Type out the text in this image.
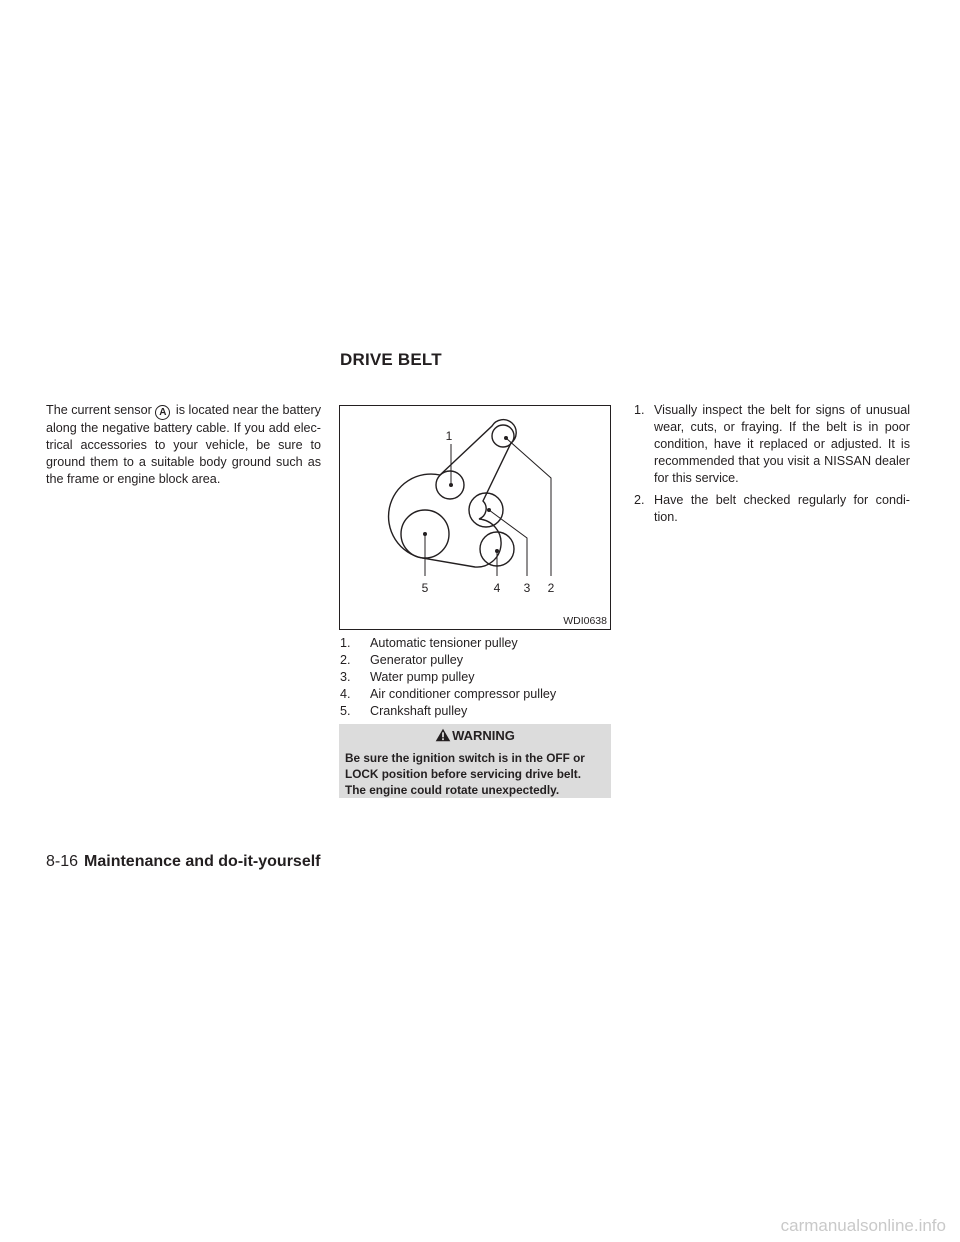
DRIVE BELT

The current sensor A is located near the battery along the negative battery cable. If you add elec-trical accessories to your vehicle, be sure to ground them to a suitable body ground such as the frame or engine block area.

1
2
3
4
5
WDI0638
1. Automatic tensioner pulley
2. Generator pulley
3. Water pump pulley
4. Air conditioner compressor pulley
5. Crankshaft pulley
WARNING

Be sure the ignition switch is in the OFF or LOCK position before servicing drive belt. The engine could rotate unexpectedly.

1. Visually inspect the belt for signs of unusual wear, cuts, or fraying. If the belt is in poor condition, have it replaced or adjusted. It is recommended that you visit a NISSAN dealer for this service.
2. Have the belt checked regularly for condi-tion.
8-16 Maintenance and do-it-yourself
carmanualsonline.info
